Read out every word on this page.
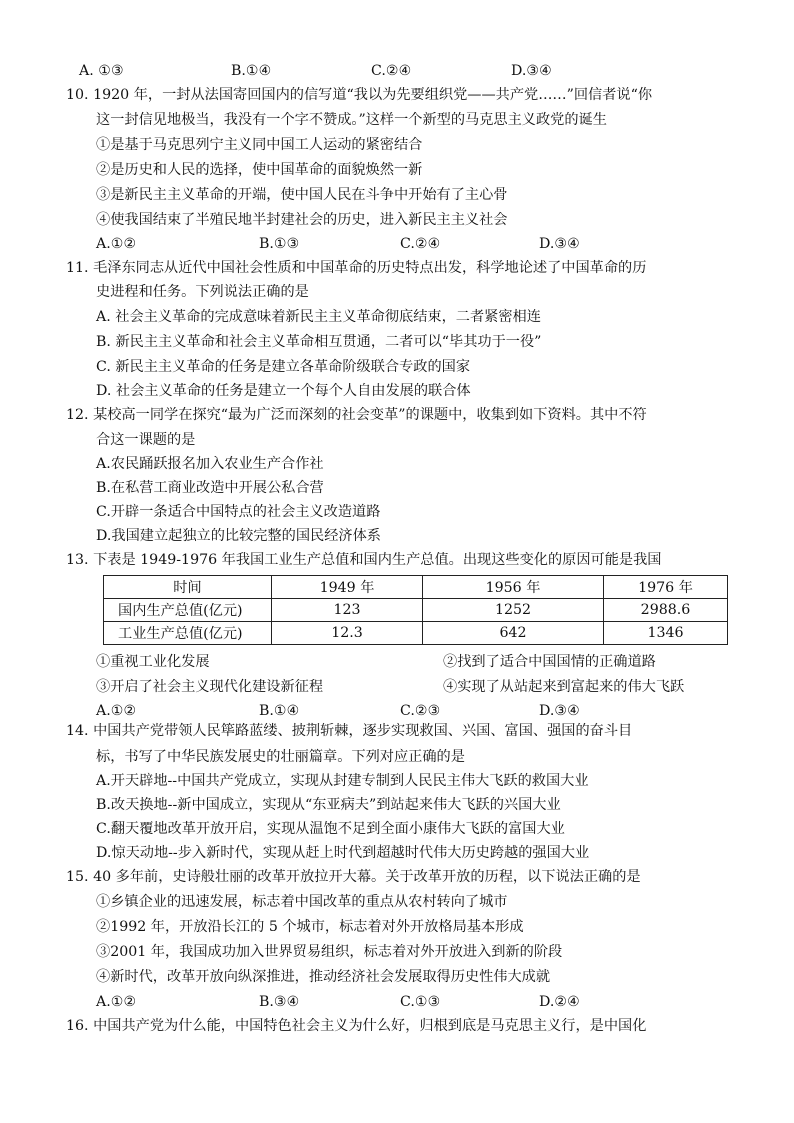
A. ①③	B.①④	C.②④	D.③④
10. 1920 年，一封从法国寄回国内的信写道“我以为先要组织党——共产党……”回信者说“你
这一封信见地极当，我没有一个字不赞成。”这样一个新型的马克思主义政党的诞生
①是基于马克思列宁主义同中国工人运动的紧密结合
②是历史和人民的选择，使中国革命的面貌焕然一新
③是新民主主义革命的开端，使中国人民在斗争中开始有了主心骨
④使我国结束了半殖民地半封建社会的历史，进入新民主主义社会
A.①②	B.①③	C.②④	D.③④
11. 毛泽东同志从近代中国社会性质和中国革命的历史特点出发，科学地论述了中国革命的历
史进程和任务。下列说法正确的是
A. 社会主义革命的完成意味着新民主主义革命彻底结束，二者紧密相连
B. 新民主主义革命和社会主义革命相互贯通，二者可以“毕其功于一役”
C. 新民主主义革命的任务是建立各革命阶级联合专政的国家
D. 社会主义革命的任务是建立一个每个人自由发展的联合体
12. 某校高一同学在探究“最为广泛而深刻的社会变革”的课题中，收集到如下资料。其中不符
合这一课题的是
A.农民踊跃报名加入农业生产合作社
B.在私营工商业改造中开展公私合营
C.开辟一条适合中国特点的社会主义改造道路
D.我国建立起独立的比较完整的国民经济体系
13. 下表是 1949-1976 年我国工业生产总值和国内生产总值。出现这些变化的原因可能是我国
时间	1949 年	1956 年	1976 年
国内生产总值(亿元)	123	1252	2988.6
工业生产总值(亿元)	12.3	642	1346
①重视工业化发展	②找到了适合中国国情的正确道路
③开启了社会主义现代化建设新征程	④实现了从站起来到富起来的伟大飞跃
A.①②	B.①④	C.②③	D.③④
14. 中国共产党带领人民筚路蓝缕、披荆斩棘，逐步实现救国、兴国、富国、强国的奋斗目
标，书写了中华民族发展史的壮丽篇章。下列对应正确的是
A.开天辟地--中国共产党成立，实现从封建专制到人民民主伟大飞跃的救国大业
B.改天换地--新中国成立，实现从“东亚病夫”到站起来伟大飞跃的兴国大业
C.翻天覆地改革开放开启，实现从温饱不足到全面小康伟大飞跃的富国大业
D.惊天动地--步入新时代，实现从赶上时代到超越时代伟大历史跨越的强国大业
15. 40 多年前，史诗般壮丽的改革开放拉开大幕。关于改革开放的历程，以下说法正确的是
①乡镇企业的迅速发展，标志着中国改革的重点从农村转向了城市
②1992 年，开放沿长江的 5 个城市，标志着对外开放格局基本形成
③2001 年，我国成功加入世界贸易组织，标志着对外开放进入到新的阶段
④新时代，改革开放向纵深推进，推动经济社会发展取得历史性伟大成就
A.①②	B.③④	C.①③	D.②④
16. 中国共产党为什么能，中国特色社会主义为什么好，归根到底是马克思主义行，是中国化
